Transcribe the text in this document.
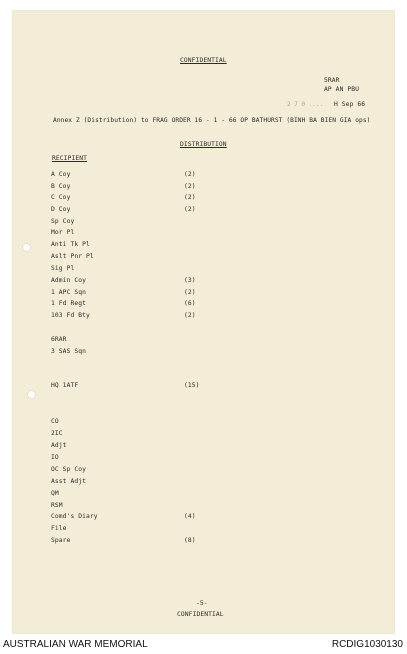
CONFIDENTIAL
5RAR
AP AN PBU
2 7 0 .... H Sep 66
Annex Z (Distribution) to FRAG ORDER 16 - 1 - 66 OP BATHURST (BINH BA BIEN GIA ops)
DISTRIBUTION
RECIPIENT
A Coy	(2)
B Coy	(2)
C Coy	(2)
D Coy	(2)
Sp Coy
Mor Pl
Anti Tk Pl
Aslt Pnr Pl
Sig Pl
Admin Coy	(3)
1 APC Sqn	(2)
1 Fd Regt	(6)
103 Fd Bty	(2)
6RAR
3 SAS Sqn
HQ 1ATF	(15)
CO
2IC
Adjt
IO
OC Sp Coy
Asst Adjt
QM
RSM
Comd's Diary	(4)
File
Spare	(8)
-5-
CONFIDENTIAL
AUSTRALIAN WAR MEMORIAL	RCDIG1030130
